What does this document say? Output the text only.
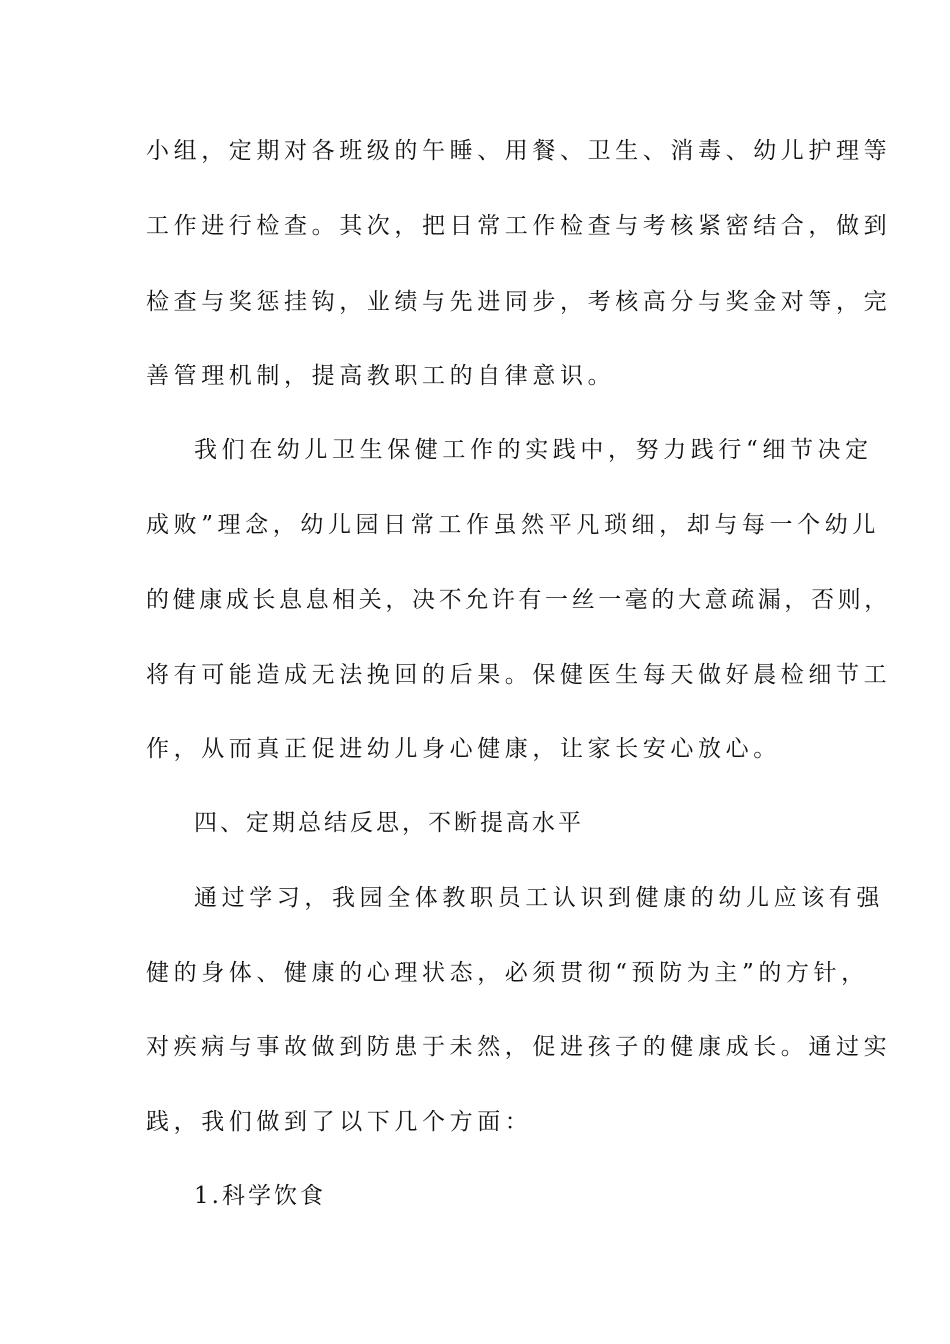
小组，定期对各班级的午睡、用餐、卫生、消毒、幼儿护理等
工作进行检查。其次，把日常工作检查与考核紧密结合，做到
检查与奖惩挂钩，业绩与先进同步，考核高分与奖金对等，完
善管理机制，提高教职工的自律意识。
我们在幼儿卫生保健工作的实践中，努力践行“细节决定
成败”理念，幼儿园日常工作虽然平凡琐细，却与每一个幼儿
的健康成长息息相关，决不允许有一丝一毫的大意疏漏，否则，
将有可能造成无法挽回的后果。保健医生每天做好晨检细节工
作，从而真正促进幼儿身心健康，让家长安心放心。
四、定期总结反思，不断提高水平
通过学习，我园全体教职员工认识到健康的幼儿应该有强
健的身体、健康的心理状态，必须贯彻“预防为主”的方针，
对疾病与事故做到防患于未然，促进孩子的健康成长。通过实
践，我们做到了以下几个方面：
1.科学饮食
